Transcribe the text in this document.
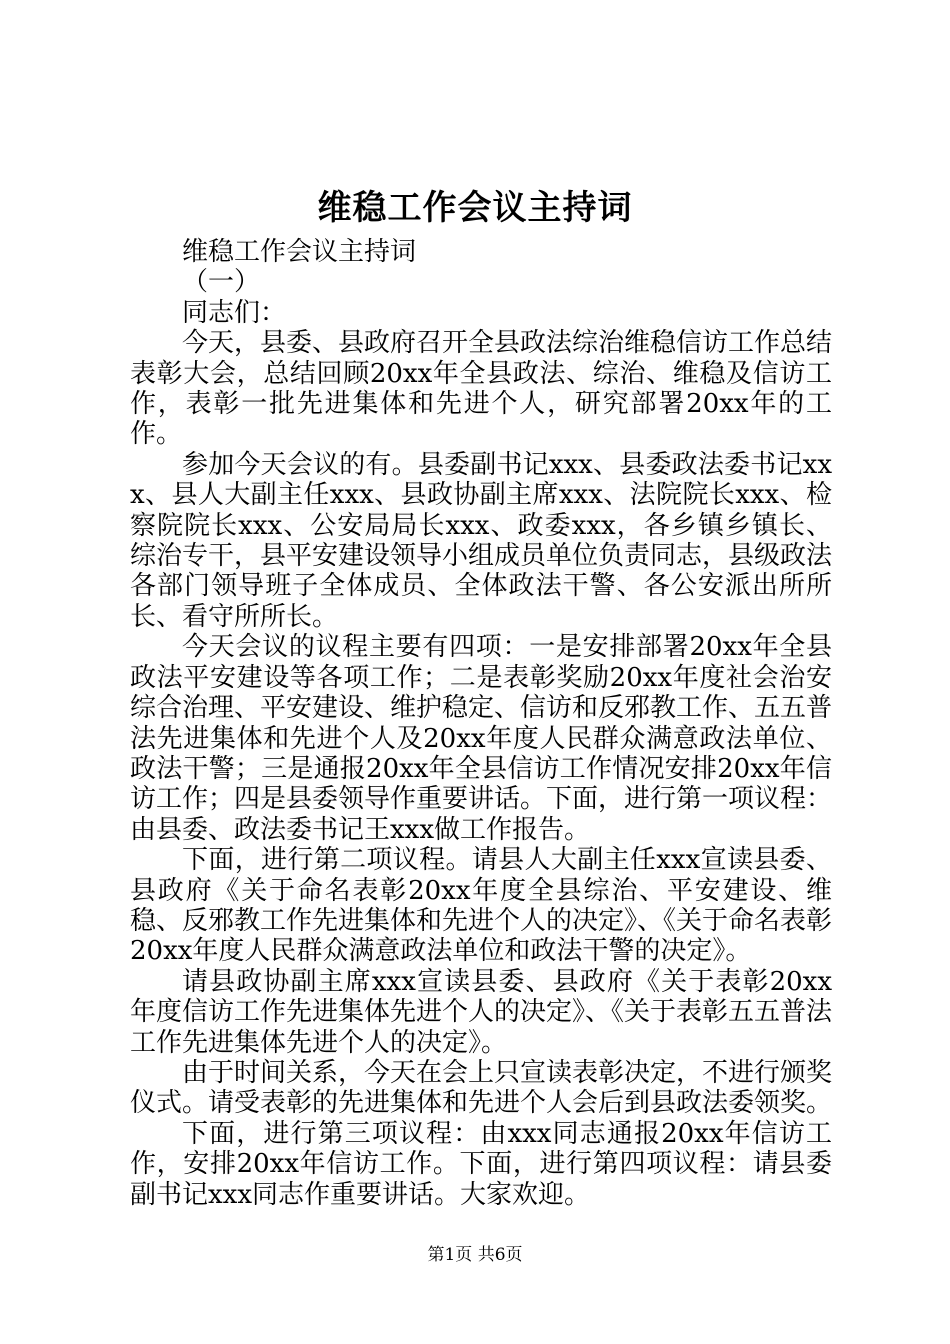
维稳工作会议主持词

维稳工作会议主持词

（一）

同志们：

今天，县委、县政府召开全县政法综治维稳信访工作总结表彰大会，总结回顾20xx年全县政法、综治、维稳及信访工作，表彰一批先进集体和先进个人，研究部署20xx年的工作。

参加今天会议的有。县委副书记xxx、县委政法委书记xxx、县人大副主任xxx、县政协副主席xxx、法院院长xxx、检察院院长xxx、公安局局长xxx、政委xxx，各乡镇乡镇长、综治专干，县平安建设领导小组成员单位负责同志，县级政法各部门领导班子全体成员、全体政法干警、各公安派出所所长、看守所所长。

今天会议的议程主要有四项：一是安排部署20xx年全县政法平安建设等各项工作；二是表彰奖励20xx年度社会治安综合治理、平安建设、维护稳定、信访和反邪教工作、五五普法先进集体和先进个人及20xx年度人民群众满意政法单位、政法干警；三是通报20xx年全县信访工作情况安排20xx年信访工作；四是县委领导作重要讲话。下面，进行第一项议程：由县委、政法委书记王xxx做工作报告。

下面，进行第二项议程。请县人大副主任xxx宣读县委、县政府《关于命名表彰20xx年度全县综治、平安建设、维稳、反邪教工作先进集体和先进个人的决定》、《关于命名表彰20xx年度人民群众满意政法单位和政法干警的决定》。

请县政协副主席xxx宣读县委、县政府《关于表彰20xx年度信访工作先进集体先进个人的决定》、《关于表彰五五普法工作先进集体先进个人的决定》。

由于时间关系，今天在会上只宣读表彰决定，不进行颁奖仪式。请受表彰的先进集体和先进个人会后到县政法委领奖。

下面，进行第三项议程：由xxx同志通报20xx年信访工作，安排20xx年信访工作。下面，进行第四项议程：请县委副书记xxx同志作重要讲话。大家欢迎。

第1页 共6页
